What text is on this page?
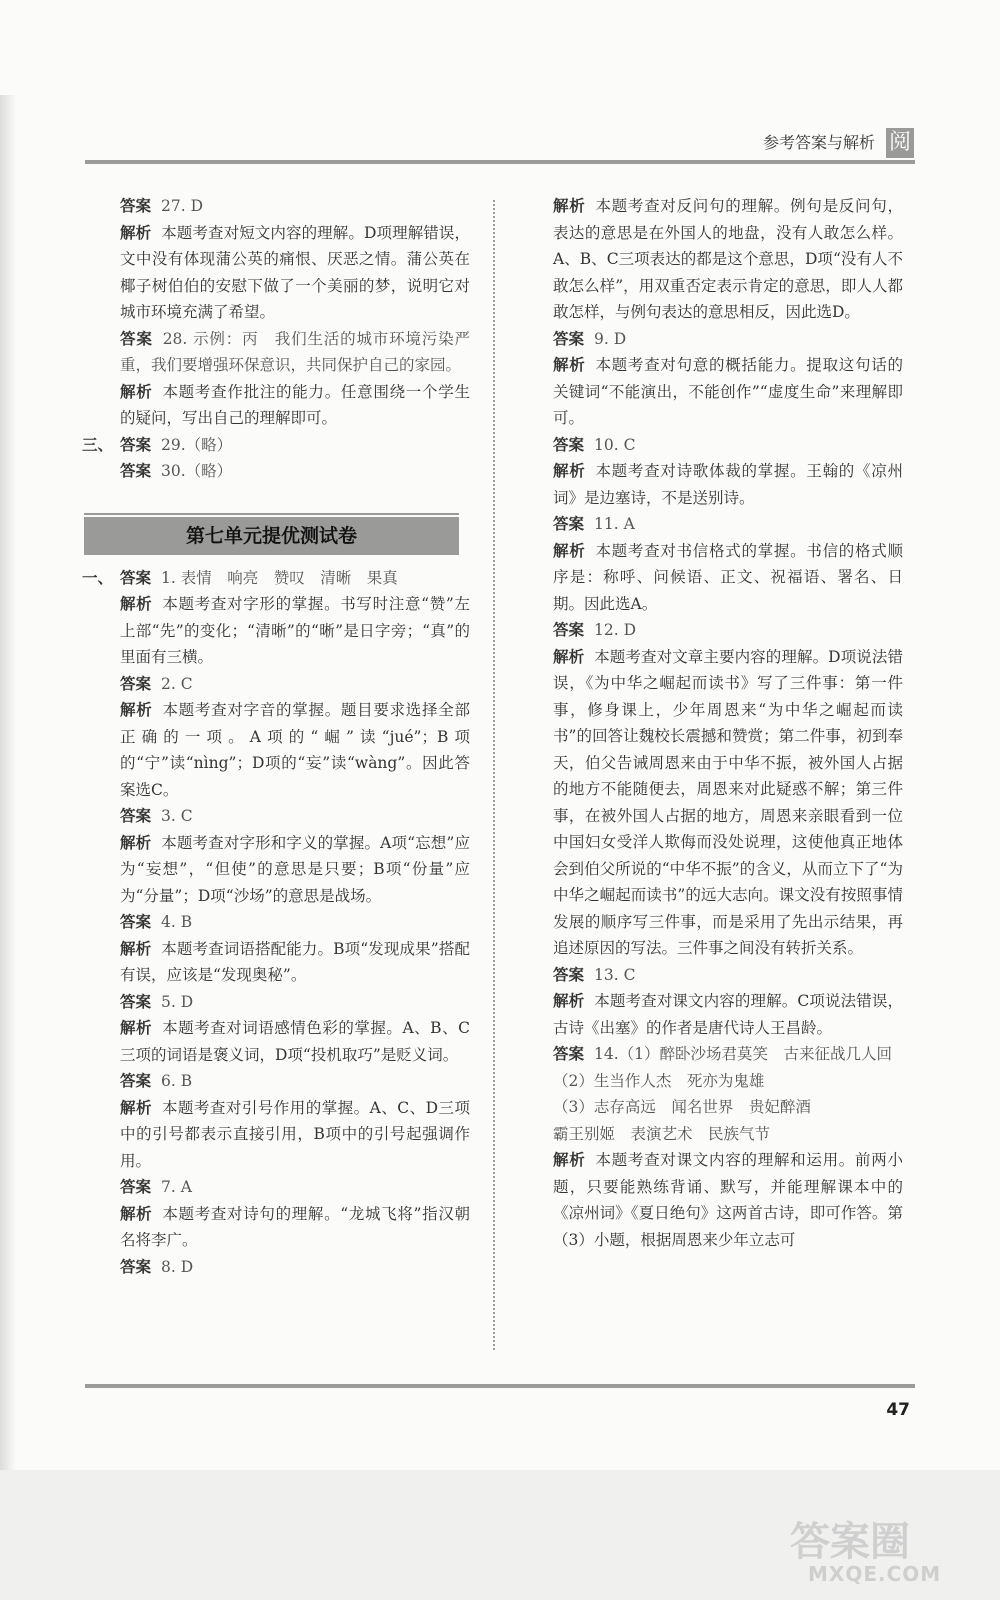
参考答案与解析 阅

答案 27. D

解析 本题考查对短文内容的理解。D项理解错误，文中没有体现蒲公英的痛恨、厌恶之情。蒲公英在椰子树伯伯的安慰下做了一个美丽的梦，说明它对城市环境充满了希望。

答案 28. 示例：丙　我们生活的城市环境污染严重，我们要增强环保意识，共同保护自己的家园。

解析 本题考查作批注的能力。任意围绕一个学生的疑问，写出自己的理解即可。

三、 答案 29.（略）

答案 30.（略）

第七单元提优测试卷

一、 答案 1. 表情　响亮　赞叹　清晰　果真

解析 本题考查对字形的掌握。书写时注意“赞”左上部“先”的变化；“清晰”的“晰”是日字旁；“真”的里面有三横。

答案 2. C

解析 本题考查对字音的掌握。题目要求选择全部正确的一项。A项的“崛”读“jué”；B项的“宁”读“nìng”；D项的“妄”读“wàng”。因此答案选C。

答案 3. C

解析 本题考查对字形和字义的掌握。A项“忘想”应为“妄想”，“但使”的意思是只要；B项“份量”应为“分量”；D项“沙场”的意思是战场。

答案 4. B

解析 本题考查词语搭配能力。B项“发现成果”搭配有误，应该是“发现奥秘”。

答案 5. D

解析 本题考查对词语感情色彩的掌握。A、B、C三项的词语是褒义词，D项“投机取巧”是贬义词。

答案 6. B

解析 本题考查对引号作用的掌握。A、C、D三项中的引号都表示直接引用，B项中的引号起强调作用。

答案 7. A

解析 本题考查对诗句的理解。“龙城飞将”指汉朝名将李广。

答案 8. D

解析 本题考查对反问句的理解。例句是反问句，表达的意思是在外国人的地盘，没有人敢怎么样。A、B、C三项表达的都是这个意思，D项“没有人不敢怎么样”，用双重否定表示肯定的意思，即人人都敢怎样，与例句表达的意思相反，因此选D。

答案 9. D

解析 本题考查对句意的概括能力。提取这句话的关键词“不能演出，不能创作”“虚度生命”来理解即可。

答案 10. C

解析 本题考查对诗歌体裁的掌握。王翰的《凉州词》是边塞诗，不是送别诗。

答案 11. A

解析 本题考查对书信格式的掌握。书信的格式顺序是：称呼、问候语、正文、祝福语、署名、日期。因此选A。

答案 12. D

解析 本题考查对文章主要内容的理解。D项说法错误，《为中华之崛起而读书》写了三件事：第一件事，修身课上，少年周恩来“为中华之崛起而读书”的回答让魏校长震撼和赞赏；第二件事，初到奉天，伯父告诫周恩来由于中华不振，被外国人占据的地方不能随便去，周恩来对此疑惑不解；第三件事，在被外国人占据的地方，周恩来亲眼看到一位中国妇女受洋人欺侮而没处说理，这使他真正地体会到伯父所说的“中华不振”的含义，从而立下了“为中华之崛起而读书”的远大志向。课文没有按照事情发展的顺序写三件事，而是采用了先出示结果，再追述原因的写法。三件事之间没有转折关系。

答案 13. C

解析 本题考查对课文内容的理解。C项说法错误，古诗《出塞》的作者是唐代诗人王昌龄。

答案 14.（1）醉卧沙场君莫笑　古来征战几人回

（2）生当作人杰　死亦为鬼雄

（3）志存高远　闻名世界　贵妃醉酒

霸王别姬　表演艺术　民族气节

解析 本题考查对课文内容的理解和运用。前两小题，只要能熟练背诵、默写，并能理解课本中的《凉州词》《夏日绝句》这两首古诗，即可作答。第（3）小题，根据周恩来少年立志可

47
答案圈
MXQE.COM
